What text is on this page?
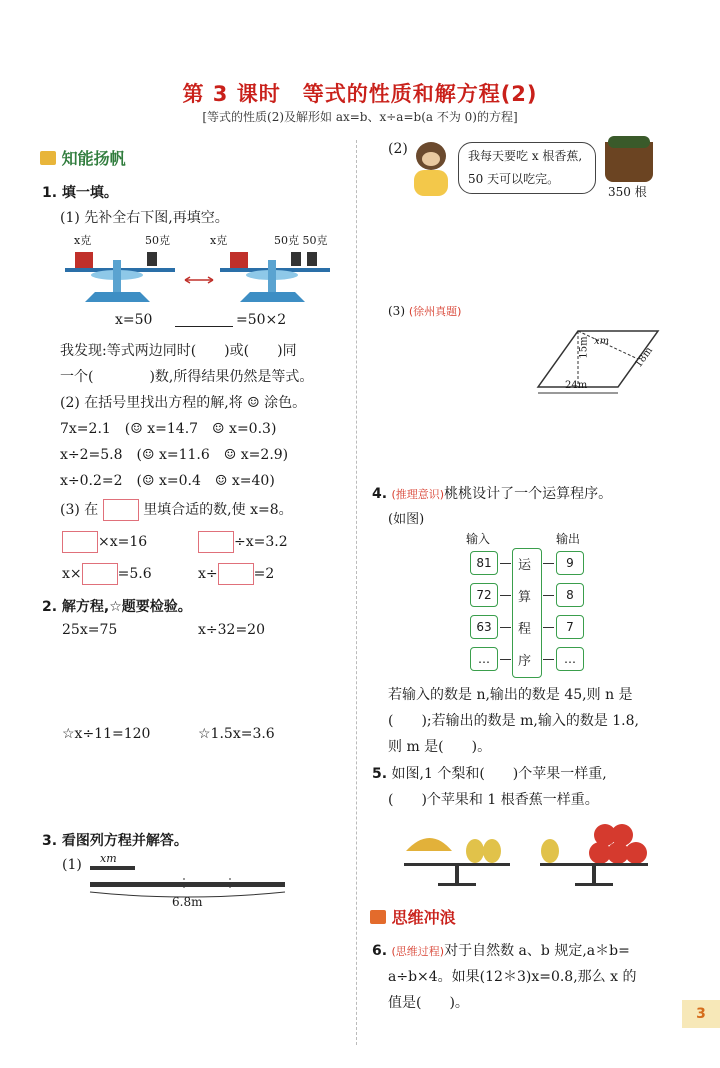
第 3 课时　等式的性质和解方程(2)
[等式的性质(2)及解形如 ax=b、x÷a=b(a 不为 0)的方程]
知能扬帆
1. 填一填。
(1) 先补全右下图,再填空。
x克	50克	x克	50克 50克
x=50	=50×2
我发现:等式两边同时(　　)或(　　)同
一个(　　　　)数,所得结果仍然是等式。
(2) 在括号里找出方程的解,将 ☺ 涂色。
7x=2.1　(☺ x=14.7　☺ x=0.3)
x÷2=5.8　(☺ x=11.6　☺ x=2.9)
x÷0.2=2　(☺ x=0.4　☺ x=40)
(3) 在	里填合适的数,使 x=8。
×x=16	÷x=3.2
x×	=5.6	x÷	=2
2. 解方程,☆题要检验。
25x=75	x÷32=20
☆x÷11=120	☆1.5x=3.6
3. 看图列方程并解答。
(1) xm
6.8m
(2)	我每天要吃 x 根香蕉,
50 天可以吃完。
350 根
(3) (徐州真题)
15m xm
18m
24m
4. (推理意识)桃桃设计了一个运算程序。
(如图)
输入	输出
81	9
运
72	8
算
63	7
程
…	…
序
若输入的数是 n,输出的数是 45,则 n 是
(　　);若输出的数是 m,输入的数是 1.8,
则 m 是(　　)。
5. 如图,1 个梨和(　　)个苹果一样重,
(　　)个苹果和 1 根香蕉一样重。
思维冲浪
6. (思维过程)对于自然数 a、b 规定,a＊b=
a÷b×4。如果(12＊3)x=0.8,那么 x 的
值是(　　)。
3
